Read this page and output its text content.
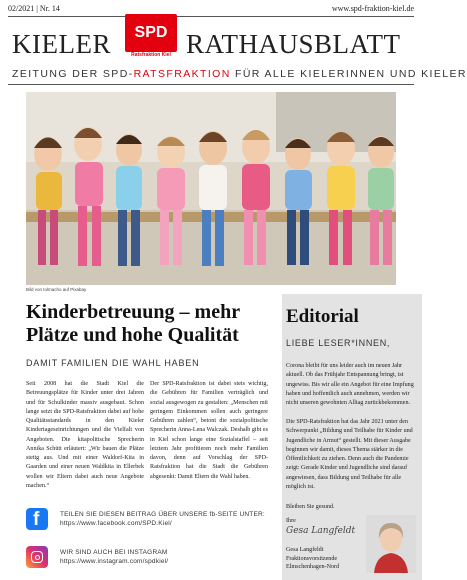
02/2021 | Nr. 14	www.spd-fraktion-kiel.de
KIELER	SPD
Ratsfraktion Kiel RATHAUSBLATT
ZEITUNG DER SPD-RATSFRAKTION FÜR ALLE KIELERINNEN UND KIELER
Bild von tolmacho auf Pixabay
Kinderbetreuung – mehr Plätze und hohe Qualität
DAMIT FAMILIEN DIE WAHL HABEN

Seit 2008 hat die Stadt Kiel die Betreuungsplätze für Kinder unter drei Jahren und für Schulkinder massiv ausgebaut. Schon lange setzt die SPD-Ratsfraktion dabei auf hohe Qualitätsstandards in den Kieler Kindertageseinrichtungen und die Vielfalt von Angeboten. Die kitapolitische Sprecherin Annika Schütt erläutert: „Wir bauen die Plätze stetig aus. Und mit einer Waldorf-Kita in Gaarden und einer neuen Waldkita in Ellerbek wollen wir Eltern dabei auch neue Angebote machen.“

Der SPD-Ratsfraktion ist dabei stets wichtig, die Gebühren für Familien verträglich und sozial ausgewogen zu gestalten: „Menschen mit geringem Einkommen sollen auch geringere Gebühren zahlen“, betont die sozialpolitische Sprecherin Anna-Lena Walczak. Deshalb gibt es in Kiel schon lange eine Sozialstaffel – seit letztem Jahr profitieren noch mehr Familien davon, denn auf Vorschlag der SPD-Ratsfraktion hat die Stadt die Gebühren abgesenkt: Damit Eltern die Wahl haben.

f	TEILEN SIE DIESEN BEITRAG ÜBER UNSERE fb-SEITE UNTER:
https://www.facebook.com/SPD.Kiel/
WIR SIND AUCH BEI INSTAGRAM
https://www.instagram.com/spdkiel/
Editorial
LIEBE LESER*INNEN,

Corona bleibt für uns leider auch im neuen Jahr aktuell. Ob das Frühjahr Entspannung bringt, ist ungewiss. Bis wir alle ein Angebot für eine Impfung haben und hoffentlich auch annehmen, werden wir nicht unseren gewohnten Alltag zurückbekommen.

Die SPD-Ratsfraktion hat das Jahr 2021 unter den Schwerpunkt „Bildung und Teilhabe für Kinder und Jugendliche in Armut“ gestellt. Mit dieser Ausgabe beginnen wir damit, dieses Thema stärker in die Öffentlichkeit zu ziehen. Denn auch die Pandemie zeigt: Gerade Kinder und Jugendliche sind darauf angewiesen, dass Bildung und Teilhabe für alle möglich ist.

Bleiben Sie gesund.

Ihre

Gesa Langfeldt
Gesa Langfeldt
Fraktionsvorsitzende
Elmschenhagen-Nord
